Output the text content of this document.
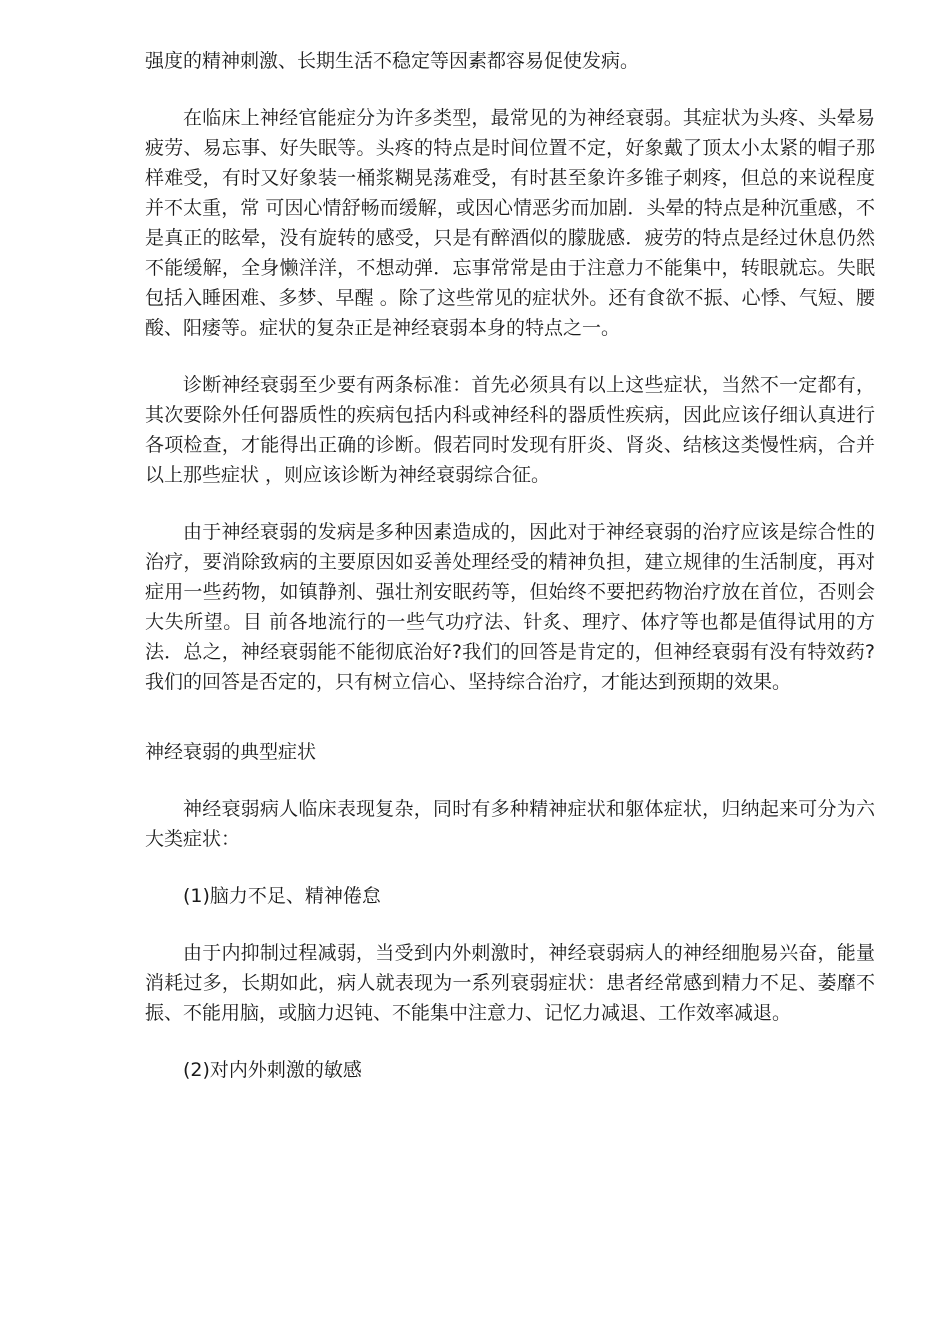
强度的精神刺激、长期生活不稳定等因素都容易促使发病。

在临床上神经官能症分为许多类型，最常见的为神经衰弱。其症状为头疼、头晕易疲劳、易忘事、好失眠等。头疼的特点是时间位置不定，好象戴了顶太小太紧的帽子那样难受，有时又好象装一桶浆糊晃荡难受，有时甚至象许多锥子刺疼，但总的来说程度并不太重，常 可因心情舒畅而缓解，或因心情恶劣而加剧．头晕的特点是种沉重感，不是真正的眩晕，没有旋转的感受，只是有醉酒似的朦胧感．疲劳的特点是经过休息仍然不能缓解，全身懒洋洋，不想动弹．忘事常常是由于注意力不能集中，转眼就忘。失眠包括入睡困难、多梦、早醒 。除了这些常见的症状外。还有食欲不振、心悸、气短、腰酸、阳痿等。症状的复杂正是神经衰弱本身的特点之一。

诊断神经衰弱至少要有两条标准：首先必须具有以上这些症状，当然不一定都有，其次要除外任何器质性的疾病包括内科或神经科的器质性疾病，因此应该仔细认真进行各项检查，才能得出正确的诊断。假若同时发现有肝炎、肾炎、结核这类慢性病，合并以上那些症状 ，则应该诊断为神经衰弱综合征。

由于神经衰弱的发病是多种因素造成的，因此对于神经衰弱的治疗应该是综合性的治疗，要消除致病的主要原因如妥善处理经受的精神负担，建立规律的生活制度，再对症用一些药物，如镇静剂、强壮剂安眠药等，但始终不要把药物治疗放在首位，否则会大失所望。目 前各地流行的一些气功疗法、针炙、理疗、体疗等也都是值得试用的方法．总之，神经衰弱能不能彻底治好?我们的回答是肯定的，但神经衰弱有没有特效药?我们的回答是否定的，只有树立信心、坚持综合治疗，才能达到预期的效果。

神经衰弱的典型症状

神经衰弱病人临床表现复杂，同时有多种精神症状和躯体症状，归纳起来可分为六大类症状：

(1)脑力不足、精神倦怠

由于内抑制过程减弱，当受到内外刺激时，神经衰弱病人的神经细胞易兴奋，能量消耗过多，长期如此，病人就表现为一系列衰弱症状：患者经常感到精力不足、萎靡不振、不能用脑，或脑力迟钝、不能集中注意力、记忆力减退、工作效率减退。

(2)对内外刺激的敏感
